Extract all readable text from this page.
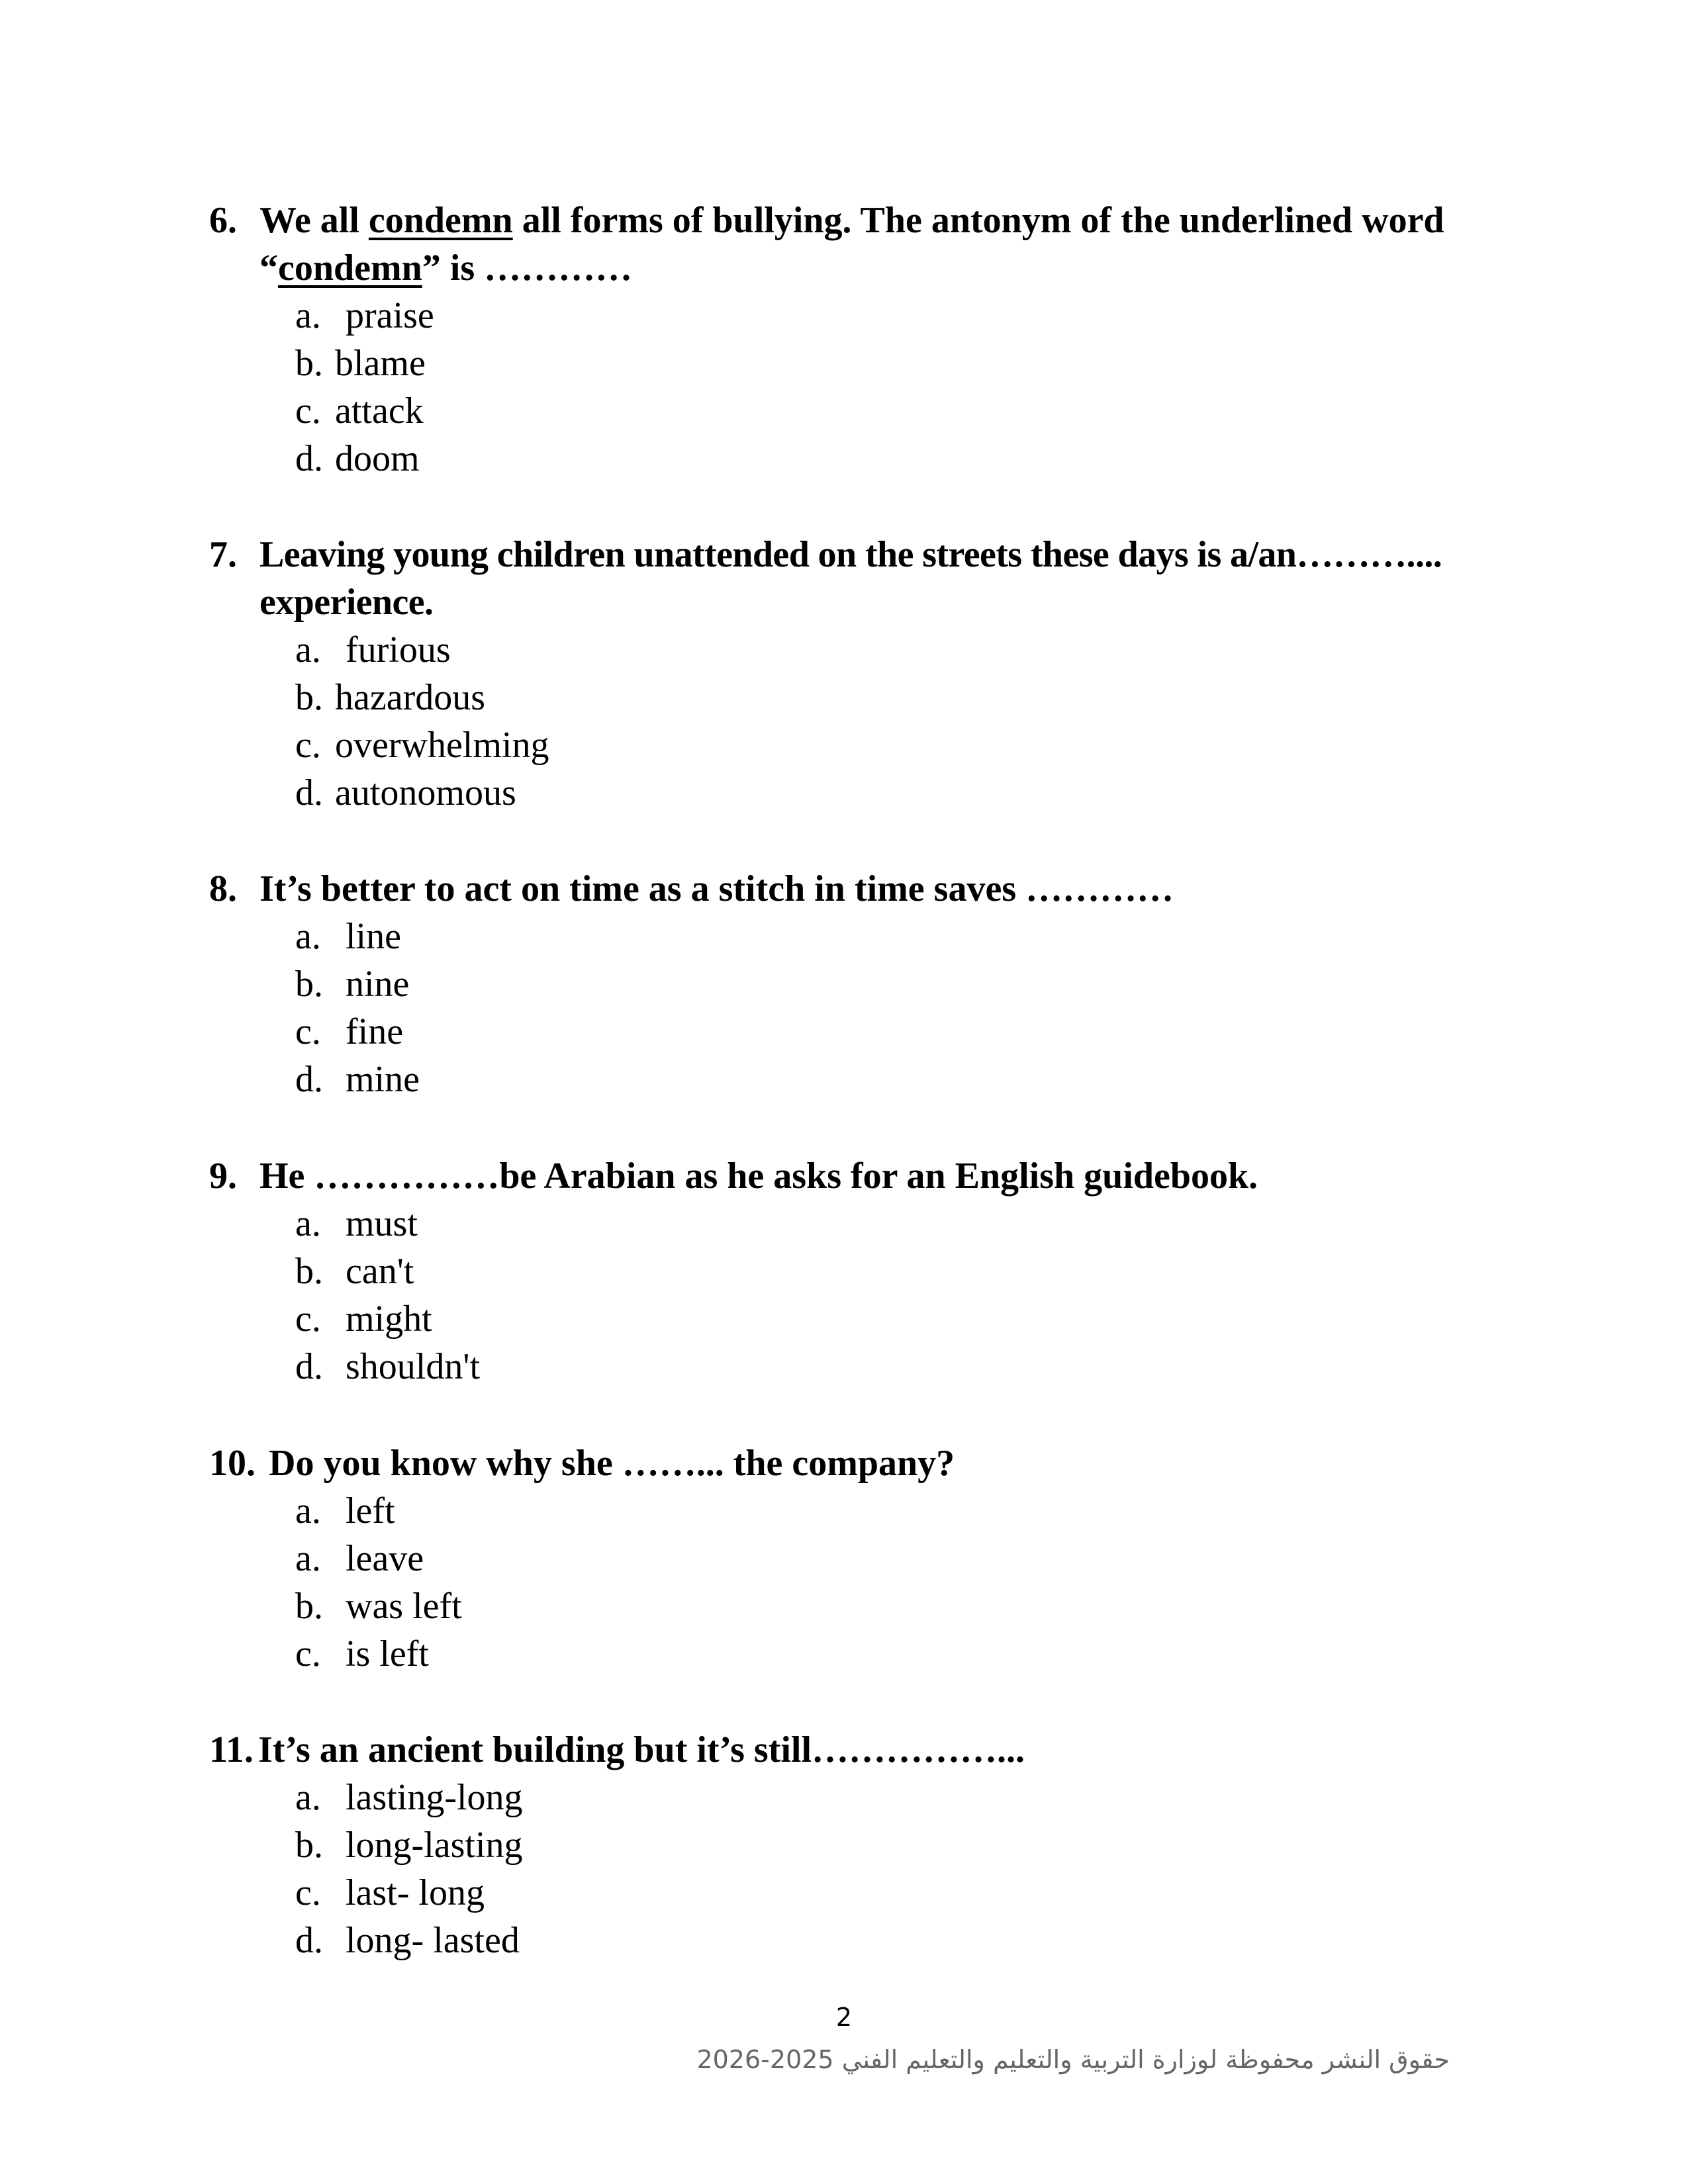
6. We all condemn all forms of bullying. The antonym of the underlined word “condemn” is …………

a. praise
b. blame
c. attack
d. doom

7. Leaving young children unattended on the streets these days is a/an……….... experience.

a. furious
b. hazardous
c. overwhelming
d. autonomous

8. It’s better to act on time as a stitch in time saves …………

a. line
b. nine
c. fine
d. mine

9. He ……………be Arabian as he asks for an English guidebook.

a. must
b. can't
c. might
d. shouldn't

10. Do you know why she ……... the company?

a. left
a. leave
b. was left
c. is left

11. It’s an ancient building but it’s still……………...

a. lasting-long
b. long-lasting
c. last- long
d. long- lasted
2
حقوق النشر محفوظة لوزارة التربية والتعليم والتعليم الفني 2025-2026
